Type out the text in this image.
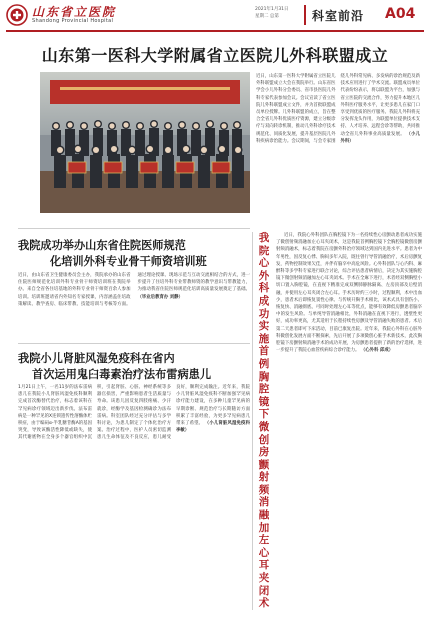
山东省立医院
Shandong Provincial Hospital
2021年1月31日
星期二 总第	科室前沿 A04
山东第一医科大学附属省立医院儿外科联盟成立
近日，山东第一医科大学附属省立医院儿外科联盟成立大会在我院举行。山东省医学会小儿外科分会委员、省市县医院儿外科专家代表参加会议。会议宣读了省立医院儿外科联盟成立文件，并为首批联盟成员单位授牌。儿外科联盟的成立，旨在整合全省儿外科优质医疗资源，建立分级诊疗与双向转诊机制，推动儿外科诊疗技术规范化、同质化发展，提升基层医院儿外科疾病诊治能力。会议期间，与会专家围绕儿外科常见病、多发病的诊治规范及新技术应用进行了学术交流。联盟成员单位代表纷纷表示，将以联盟为平台，加强与省立医院的交流合作，努力提升本地区儿外科医疗服务水平，让更多患儿在家门口享受到优质的医疗服务。我院儿外科将充分发挥龙头作用，为联盟单位提供技术支持、人才培养、远程会诊等帮助，共同推动全省儿外科事业高质量发展。 （小儿外科）
我院成功举办山东省住院医师规范
化培训外科专业骨干师资培训班
近日，由山东省卫生健康委员会主办，我院承办的山东省住院医师规范化培训外科专业骨干师资培训班在我院举办。来自全省各住培基地的外科专业骨干师资百余人参加培训。培训班邀请省内外知名专家授课，内容涵盖住培政策解读、教学查房、临床带教、技能培训与考核等方面。通过理论授课、现场示范与互动交流相结合的方式，进一步提升了住培外科专业带教师资的教学意识与带教能力，为推动我省住院医师规范化培训高质量发展奠定了基础。 （毕业后教育办 刘静）
我院小儿肾脏风湿免疫科在省内
首次运用鬼臼毒素治疗法布雷病患儿
1月21日上午，一名11岁的法布雷病患儿在我院小儿肾脏风湿免疫科顺利完成首次酶替代治疗，标志着该科在罕见病诊疗领域迈出新步伐。法布雷病是一种罕见的X连锁遗传性溶酶体贮积症，由于编码α-半乳糖苷酶A的基因突变，导致该酶活性降低或缺失，使其代谢底物在全身多个器官组织中沉积，引起肾脏、心脏、神经系统等多器官损害，严重影响患者生活质量与寿命。该患儿因反复四肢疼痛、少汗就诊，经酶学及基因检测确诊为法布雷病。科室团队经过充分评估与多学科讨论，为患儿制定了个体化治疗方案。治疗过程中，医护人员密切监测患儿生命体征及不良反应，患儿耐受良好，顺利完成输注。近年来，我院小儿肾脏风湿免疫科不断加强罕见病诊疗能力建设，在多种儿童罕见病的早期诊断、规范治疗与长期随访方面积累了丰富经验，为更多罕见病患儿带来了希望。 （小儿肾脏风湿免疫科 李敏）
我院心外科成功实施首例胸腔镜下微创房颤射频消融加左心耳夹闭术
近日，我院心外科团队在胸腔镜下为一名持续性心房颤动患者成功实施了微创射频消融加左心耳夹闭术，这是我院首例胸腔镜下全胸腔镜微创房颤射频消融术，标志着我院在房颤外科治疗领域达到国内先进水平。患者为中年男性，因反复心悸、胸闷多年入院，既往曾行导管消融治疗，术后房颤复发，药物控制效果欠佳，并伴有脑卒中高危风险。心外科团队与心内科、麻醉科等多学科专家进行联合讨论，综合评估患者病情后，决定为其实施胸腔镜下微创射频消融加左心耳夹闭术。手术在全麻下进行，术者经双侧胸壁小切口置入胸腔镜，在直视下精准完成双侧肺静脉隔离、左房顶部及后壁消融，并使用左心耳夹闭合左心耳。手术历时约三小时，过程顺利，术中出血少，患者术后即恢复窦性心律。与传统开胸手术相比，该术式具有创伤小、恢复快、消融彻底、可同时处理左心耳等优点，能够有效降低房颤患者脑卒中的发生风险。与单纯导管消融相比，外科消融在直视下进行，透壁性更好，成功率更高，尤其适用于长程持续性房颤及导管消融失败的患者。术后第二天患者即可下床活动，目前已康复出院。近年来，我院心外科在心脏外科微创化发展方面不断探索，先后开展了多项微创心脏手术新技术，此次胸腔镜下房颤射频消融手术的成功开展，为房颤患者提供了新的治疗选择，进一步提升了我院心血管疾病综合诊疗能力。 （心外科 邱成）
